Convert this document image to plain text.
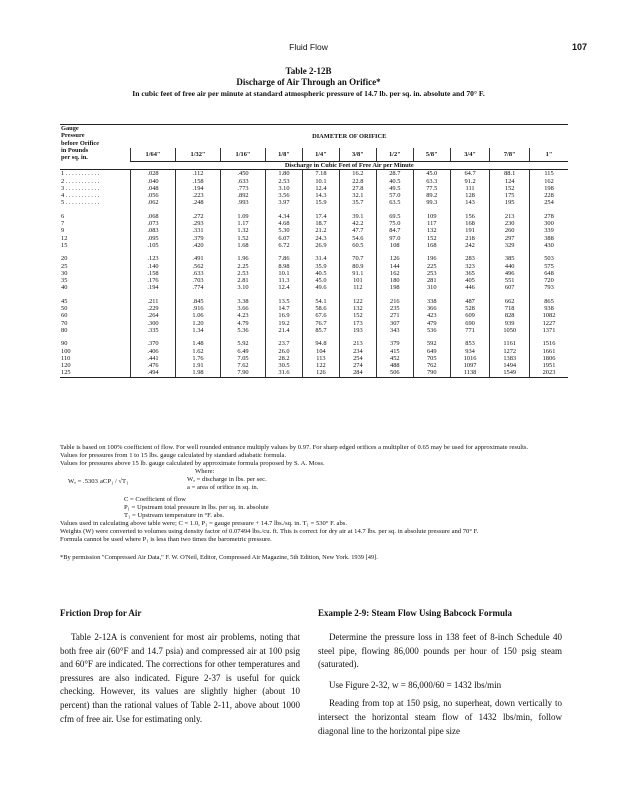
Fluid Flow	107
Table 2-12B
Discharge of Air Through an Orifice*
In cubic feet of free air per minute at standard atmospheric pressure of 14.7 lb. per sq. in. absolute and 70° F.
Gauge
Pressure
before Orifice
in Pounds
per sq. in.	DIAMETER OF ORIFICE										
	1/64"	1/32"	1/16"	1/8"	1/4"	3/8"	1/2"	5/8"	3/4"	7/8"	1"
	Discharge in Cubic Feet of Free Air per Minute										
1 . . . . . . . . . . .	.028	.112	.450	1.80	7.18	16.2	28.7	45.0	64.7	88.1	115
2 . . . . . . . . . . .	.040	.158	.633	2.53	10.1	22.8	40.5	63.3	91.2	124	162
3 . . . . . . . . . . .	.048	.194	.773	3.10	12.4	27.8	49.5	77.5	111	152	198
4 . . . . . . . . . . .	.056	.223	.892	3.56	14.3	32.1	57.0	89.2	128	175	228
5 . . . . . . . . . . .	.062	.248	.993	3.97	15.9	35.7	63.5	99.3	143	195	254

6	.068	.272	1.09	4.34	17.4	39.1	69.5	109	156	213	278
7	.073	.293	1.17	4.68	18.7	42.2	75.0	117	168	230	300
9	.083	.331	1.32	5.30	21.2	47.7	84.7	132	191	260	339
12	.095	.379	1.52	6.07	24.3	54.6	97.0	152	218	297	388
15	.105	.420	1.68	6.72	26.9	60.5	108	168	242	329	430

20	.123	.491	1.96	7.86	31.4	70.7	126	196	283	385	503
25	.140	.562	2.25	8.98	35.9	80.9	144	225	323	440	575
30	.158	.633	2.53	10.1	40.5	91.1	162	253	365	496	648
35	.176	.703	2.81	11.3	45.0	101	180	281	405	551	720
40	.194	.774	3.10	12.4	49.6	112	198	310	446	607	793

45	.211	.845	3.38	13.5	54.1	122	216	338	487	662	865
50	.229	.916	3.66	14.7	58.6	132	235	366	528	718	938
60	.264	1.06	4.23	16.9	67.6	152	271	423	609	828	1082
70	.300	1.20	4.79	19.2	76.7	173	307	479	690	939	1227
80	.335	1.34	5.36	21.4	85.7	193	343	536	771	1050	1371

90	.370	1.48	5.92	23.7	94.8	213	379	592	853	1161	1516
100	.406	1.62	6.49	26.0	104	234	415	649	934	1272	1661
110	.441	1.76	7.05	28.2	113	254	452	705	1016	1383	1806
120	.476	1.91	7.62	30.5	122	274	488	762	1097	1494	1951
125	.494	1.98	7.90	31.6	126	284	506	790	1138	1549	2023

Table is based on 100% coefficient of flow. For well rounded entrance multiply values by 0.97. For sharp edged orifices a multiplier of 0.65 may be used for approximate results.

Values for pressures from 1 to 15 lbs. gauge calculated by standard adiabatic formula.

Values for pressures above 15 lb. gauge calculated by approximate formula proposed by S. A. Moss.

Wₐ = .5303 aCP₁ / √T₁
Where:
Wₐ = discharge in lbs. per sec.
a = area of orifice in sq. in.

C = Coefficient of flow

P₁ = Upstream total pressure in lbs. per sq. in. absolute

T₁ = Upstream temperature in °F. abs.

Values used in calculating above table were; C = 1.0, P₁ = gauge pressure + 14.7 lbs./sq. in. T₁ = 530° F. abs.

Weights (W) were converted to volumes using density factor of 0.07494 lbs./cu. ft. This is correct for dry air at 14.7 lbs. per sq. in absolute pressure and 70° F.

Formula cannot be used where P₁ is less than two times the barometric pressure.

*By permission "Compressed Air Data," F. W. O'Neil, Editor, Compressed Air Magazine, 5th Edition, New York. 1939 [49].
Friction Drop for Air

Table 2-12A is convenient for most air problems, noting that both free air (60°F and 14.7 psia) and compressed air at 100 psig and 60°F are indicated. The corrections for other temperatures and pressures are also indicated. Figure 2-37 is useful for quick checking. However, its values are slightly higher (about 10 percent) than the rational values of Table 2-11, above about 1000 cfm of free air. Use for estimating only.

Example 2-9: Steam Flow Using Babcock Formula

Determine the pressure loss in 138 feet of 8-inch Schedule 40 steel pipe, flowing 86,000 pounds per hour of 150 psig steam (saturated).

Use Figure 2-32, w = 86,000/60 = 1432 lbs/min

Reading from top at 150 psig, no superheat, down vertically to intersect the horizontal steam flow of 1432 lbs/min, follow diagonal line to the horizontal pipe size
